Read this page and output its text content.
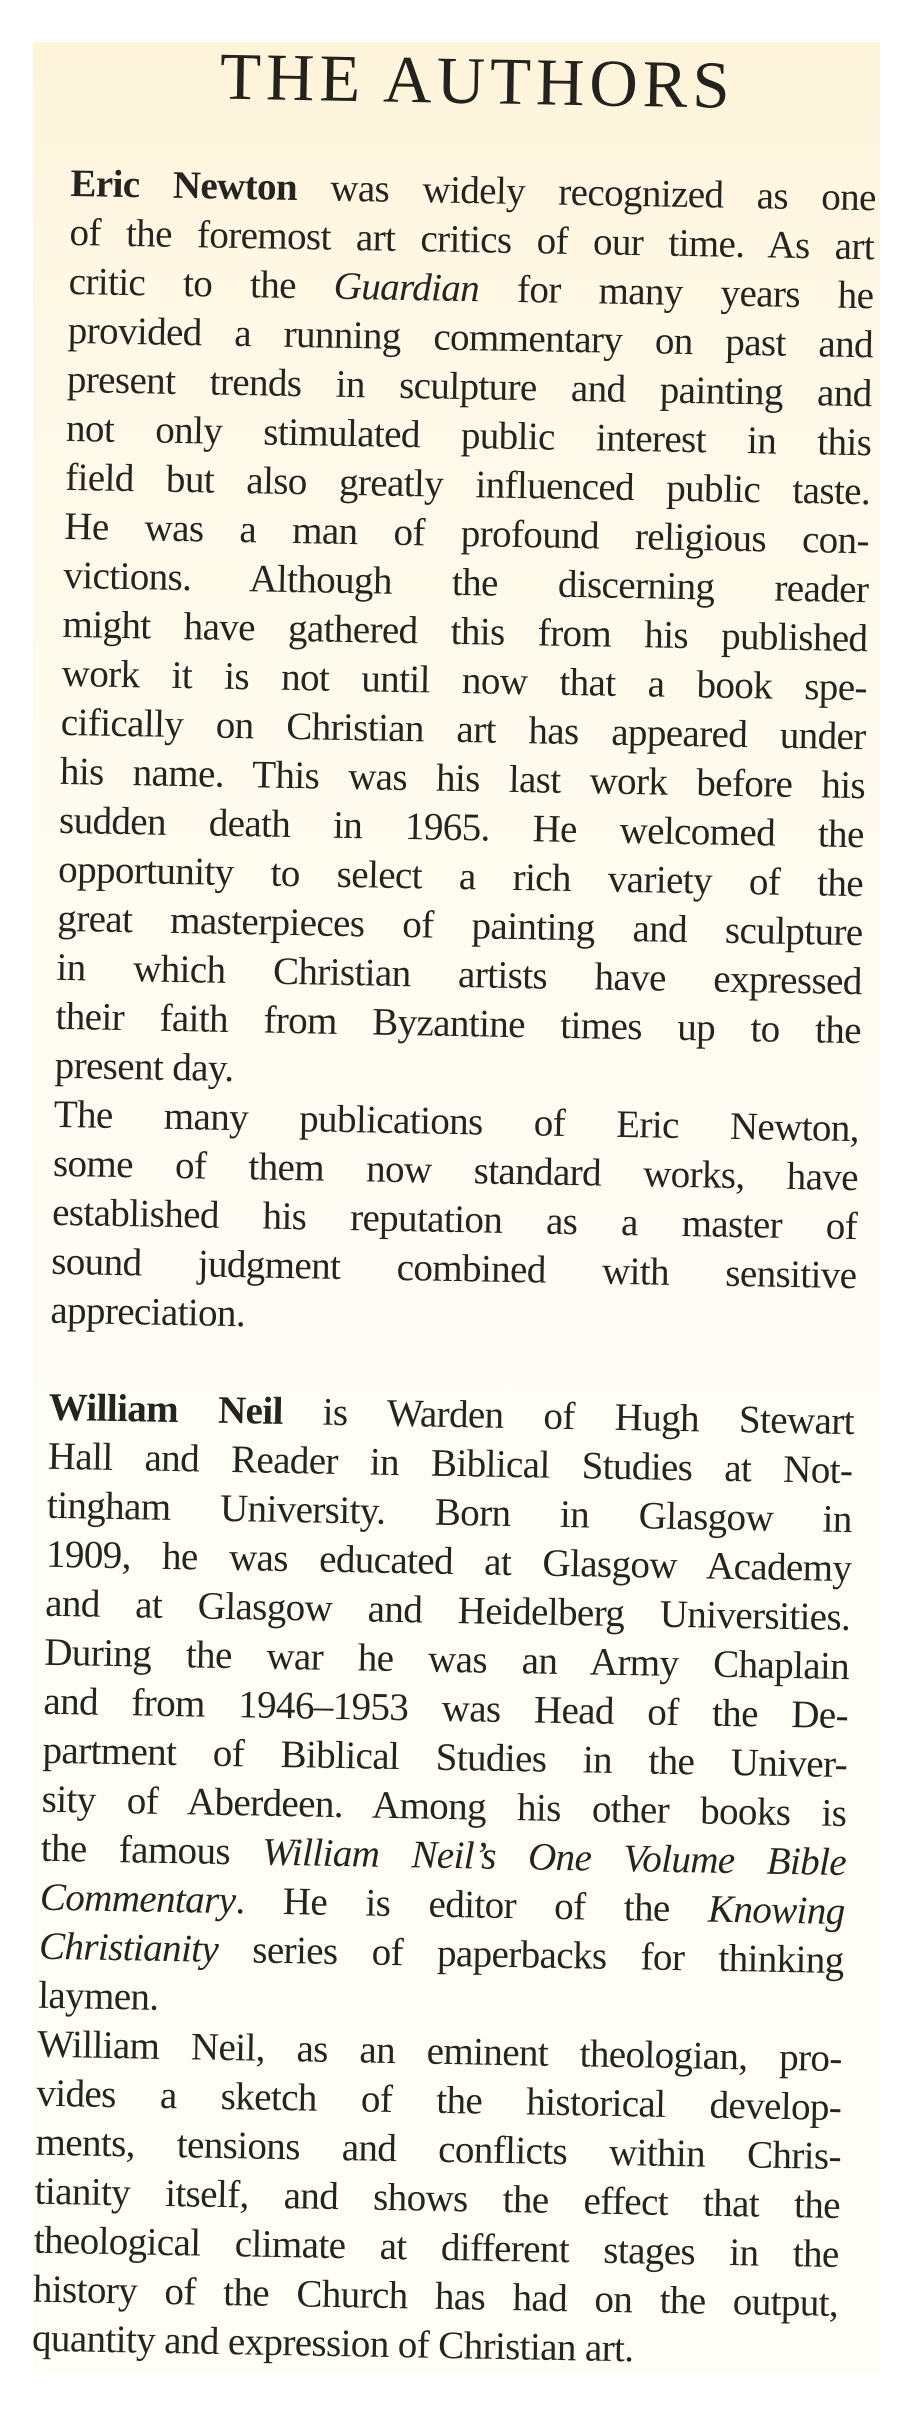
THE AUTHORS
Eric Newton was widely recognized as one
of the foremost art critics of our time. As art
critic to the Guardian for many years he
provided a running commentary on past and
present trends in sculpture and painting and
not only stimulated public interest in this
field but also greatly influenced public taste.
He was a man of profound religious con-
victions. Although the discerning reader
might have gathered this from his published
work it is not until now that a book spe-
cifically on Christian art has appeared under
his name. This was his last work before his
sudden death in 1965. He welcomed the
opportunity to select a rich variety of the
great masterpieces of painting and sculpture
in which Christian artists have expressed
their faith from Byzantine times up to the
present day.
The many publications of Eric Newton,
some of them now standard works, have
established his reputation as a master of
sound judgment combined with sensitive
appreciation.
William Neil is Warden of Hugh Stewart
Hall and Reader in Biblical Studies at Not-
tingham University. Born in Glasgow in
1909, he was educated at Glasgow Academy
and at Glasgow and Heidelberg Universities.
During the war he was an Army Chaplain
and from 1946–1953 was Head of the De-
partment of Biblical Studies in the Univer-
sity of Aberdeen. Among his other books is
the famous William Neil’s One Volume Bible
Commentary. He is editor of the Knowing
Christianity series of paperbacks for thinking
laymen.
William Neil, as an eminent theologian, pro-
vides a sketch of the historical develop-
ments, tensions and conflicts within Chris-
tianity itself, and shows the effect that the
theological climate at different stages in the
history of the Church has had on the output,
quantity and expression of Christian art.
